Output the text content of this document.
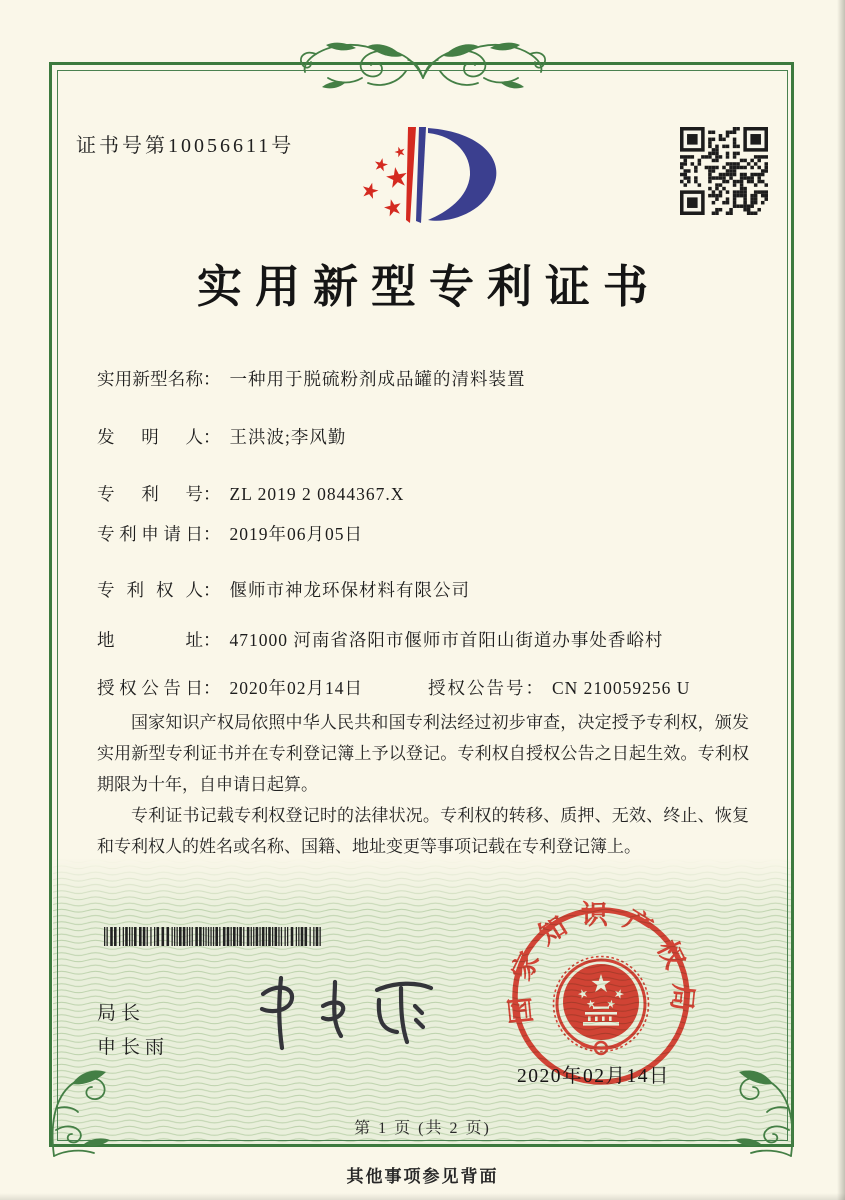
证书号第10056611号
实用新型专利证书
实用新型名称： 一种用于脱硫粉剂成品罐的清料装置
发明人： 王洪波;李风勤
专利号： ZL 2019 2 0844367.X
专利申请日： 2019年06月05日
专利权人： 偃师市神龙环保材料有限公司
地址： 471000 河南省洛阳市偃师市首阳山街道办事处香峪村
授权公告日： 2020年02月14日	授权公告号： CN 210059256 U

国家知识产权局依照中华人民共和国专利法经过初步审查，决定授予专利权，颁发实用新型专利证书并在专利登记簿上予以登记。专利权自授权公告之日起生效。专利权期限为十年，自申请日起算。

专利证书记载专利权登记时的法律状况。专利权的转移、质押、无效、终止、恢复和专利权人的姓名或名称、国籍、地址变更等事项记载在专利登记簿上。

局长
申长雨
国家知识产权局
2020年02月14日
第 1 页 (共 2 页)
其他事项参见背面
